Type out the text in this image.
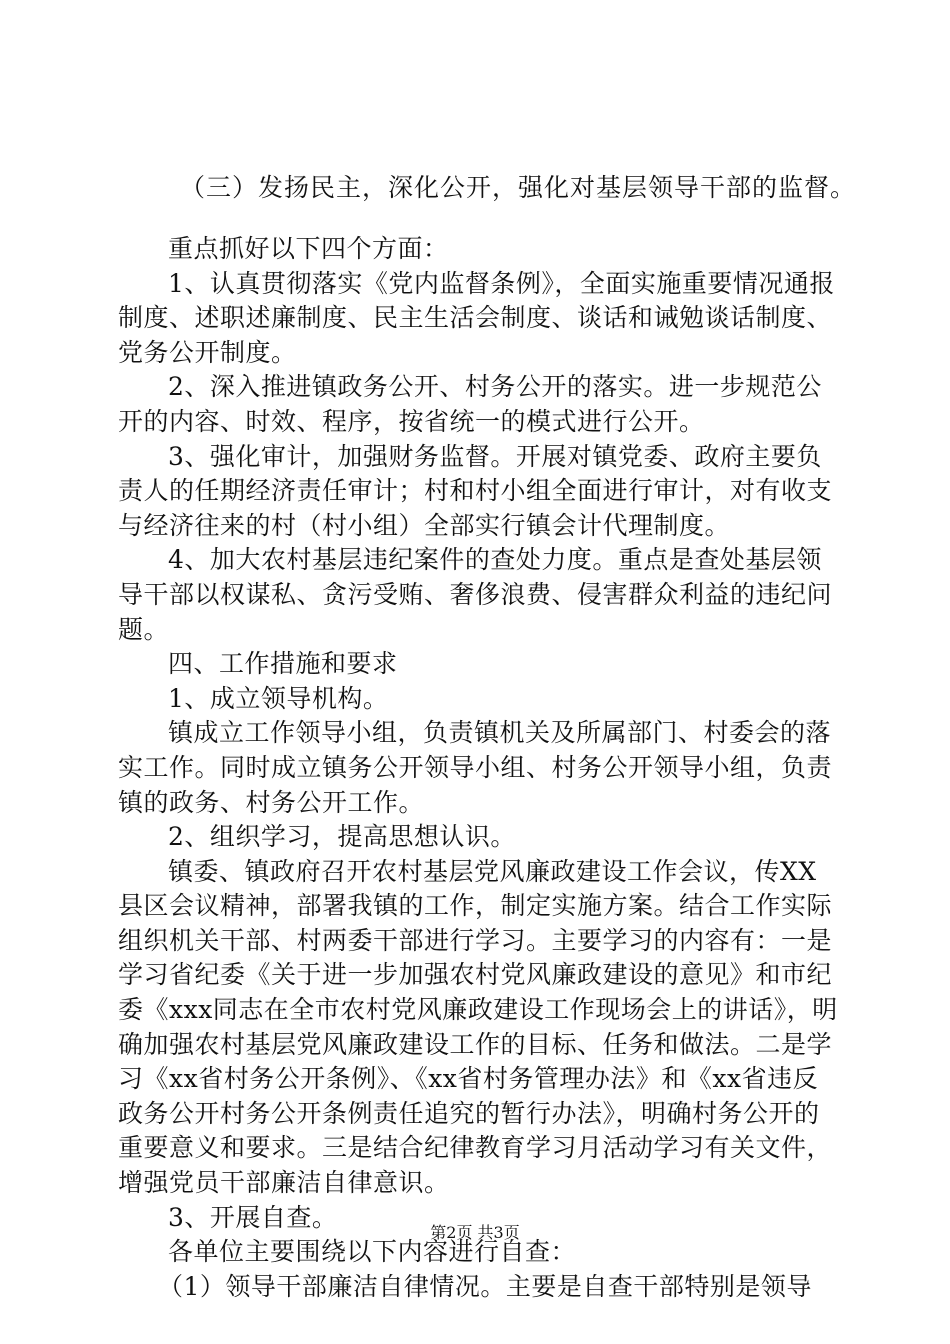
（三）发扬民主，深化公开，强化对基层领导干部的监督。

重点抓好以下四个方面：

1、认真贯彻落实《党内监督条例》，全面实施重要情况通报制度、述职述廉制度、民主生活会制度、谈话和诫勉谈话制度、党务公开制度。

2、深入推进镇政务公开、村务公开的落实。进一步规范公开的内容、时效、程序，按省统一的模式进行公开。

3、强化审计，加强财务监督。开展对镇党委、政府主要负责人的任期经济责任审计；村和村小组全面进行审计，对有收支与经济往来的村（村小组）全部实行镇会计代理制度。

4、加大农村基层违纪案件的查处力度。重点是查处基层领导干部以权谋私、贪污受贿、奢侈浪费、侵害群众利益的违纪问题。

四、工作措施和要求

1、成立领导机构。

镇成立工作领导小组，负责镇机关及所属部门、村委会的落实工作。同时成立镇务公开领导小组、村务公开领导小组，负责镇的政务、村务公开工作。

2、组织学习，提高思想认识。

镇委、镇政府召开农村基层党风廉政建设工作会议，传XX县区会议精神，部署我镇的工作，制定实施方案。结合工作实际组织机关干部、村两委干部进行学习。主要学习的内容有：一是学习省纪委《关于进一步加强农村党风廉政建设的意见》和市纪委《xxx同志在全市农村党风廉政建设工作现场会上的讲话》，明确加强农村基层党风廉政建设工作的目标、任务和做法。二是学习《xx省村务公开条例》、《xx省村务管理办法》和《xx省违反政务公开村务公开条例责任追究的暂行办法》，明确村务公开的重要意义和要求。三是结合纪律教育学习月活动学习有关文件，增强党员干部廉洁自律意识。

3、开展自查。

各单位主要围绕以下内容进行自查：

（1）领导干部廉洁自律情况。主要是自查干部特别是领导

第2页 共3页
